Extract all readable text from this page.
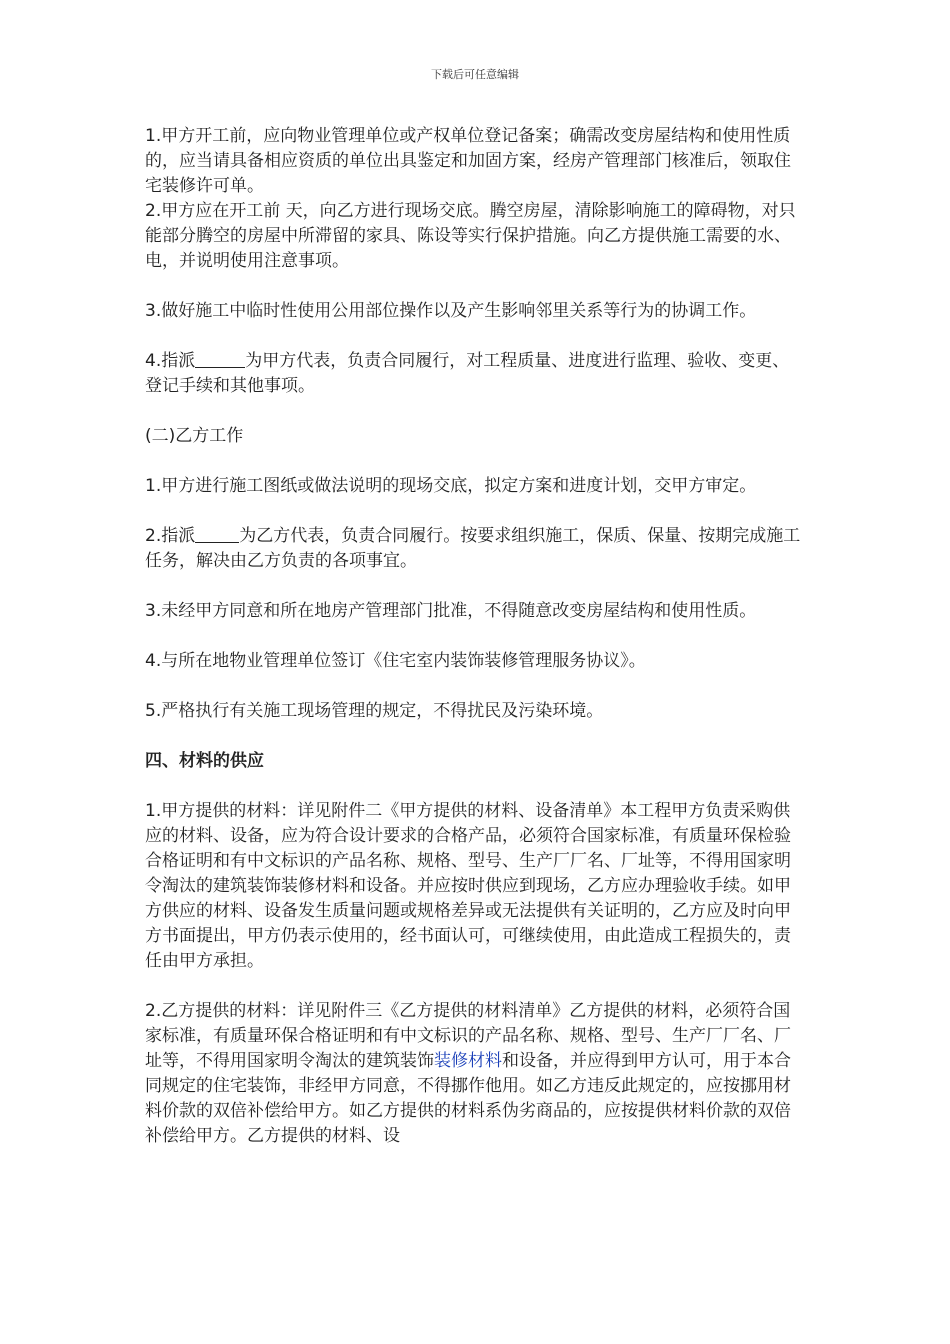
下载后可任意编辑

1.甲方开工前，应向物业管理单位或产权单位登记备案；确需改变房屋结构和使用性质的，应当请具备相应资质的单位出具鉴定和加固方案，经房产管理部门核准后，领取住宅装修许可单。

2.甲方应在开工前 天，向乙方进行现场交底。腾空房屋，清除影响施工的障碍物，对只能部分腾空的房屋中所滞留的家具、陈设等实行保护措施。向乙方提供施工需要的水、电，并说明使用注意事项。

3.做好施工中临时性使用公用部位操作以及产生影响邻里关系等行为的协调工作。

4.指派	为甲方代表，负责合同履行，对工程质量、进度进行监理、验收、变更、登记手续和其他事项。

(二)乙方工作

1.甲方进行施工图纸或做法说明的现场交底，拟定方案和进度计划，交甲方审定。

2.指派	为乙方代表，负责合同履行。按要求组织施工，保质、保量、按期完成施工任务，解决由乙方负责的各项事宜。

3.未经甲方同意和所在地房产管理部门批准，不得随意改变房屋结构和使用性质。

4.与所在地物业管理单位签订《住宅室内装饰装修管理服务协议》。

5.严格执行有关施工现场管理的规定，不得扰民及污染环境。

四、材料的供应

1.甲方提供的材料：详见附件二《甲方提供的材料、设备清单》本工程甲方负责采购供应的材料、设备，应为符合设计要求的合格产品，必须符合国家标准，有质量环保检验合格证明和有中文标识的产品名称、规格、型号、生产厂厂名、厂址等，不得用国家明令淘汰的建筑装饰装修材料和设备。并应按时供应到现场，乙方应办理验收手续。如甲方供应的材料、设备发生质量问题或规格差异或无法提供有关证明的，乙方应及时向甲方书面提出，甲方仍表示使用的，经书面认可，可继续使用，由此造成工程损失的，责任由甲方承担。

2.乙方提供的材料：详见附件三《乙方提供的材料清单》乙方提供的材料，必须符合国家标准，有质量环保合格证明和有中文标识的产品名称、规格、型号、生产厂厂名、厂址等，不得用国家明令淘汰的建筑装饰装修材料和设备，并应得到甲方认可，用于本合同规定的住宅装饰，非经甲方同意，不得挪作他用。如乙方违反此规定的，应按挪用材料价款的双倍补偿给甲方。如乙方提供的材料系伪劣商品的，应按提供材料价款的双倍补偿给甲方。乙方提供的材料、设
